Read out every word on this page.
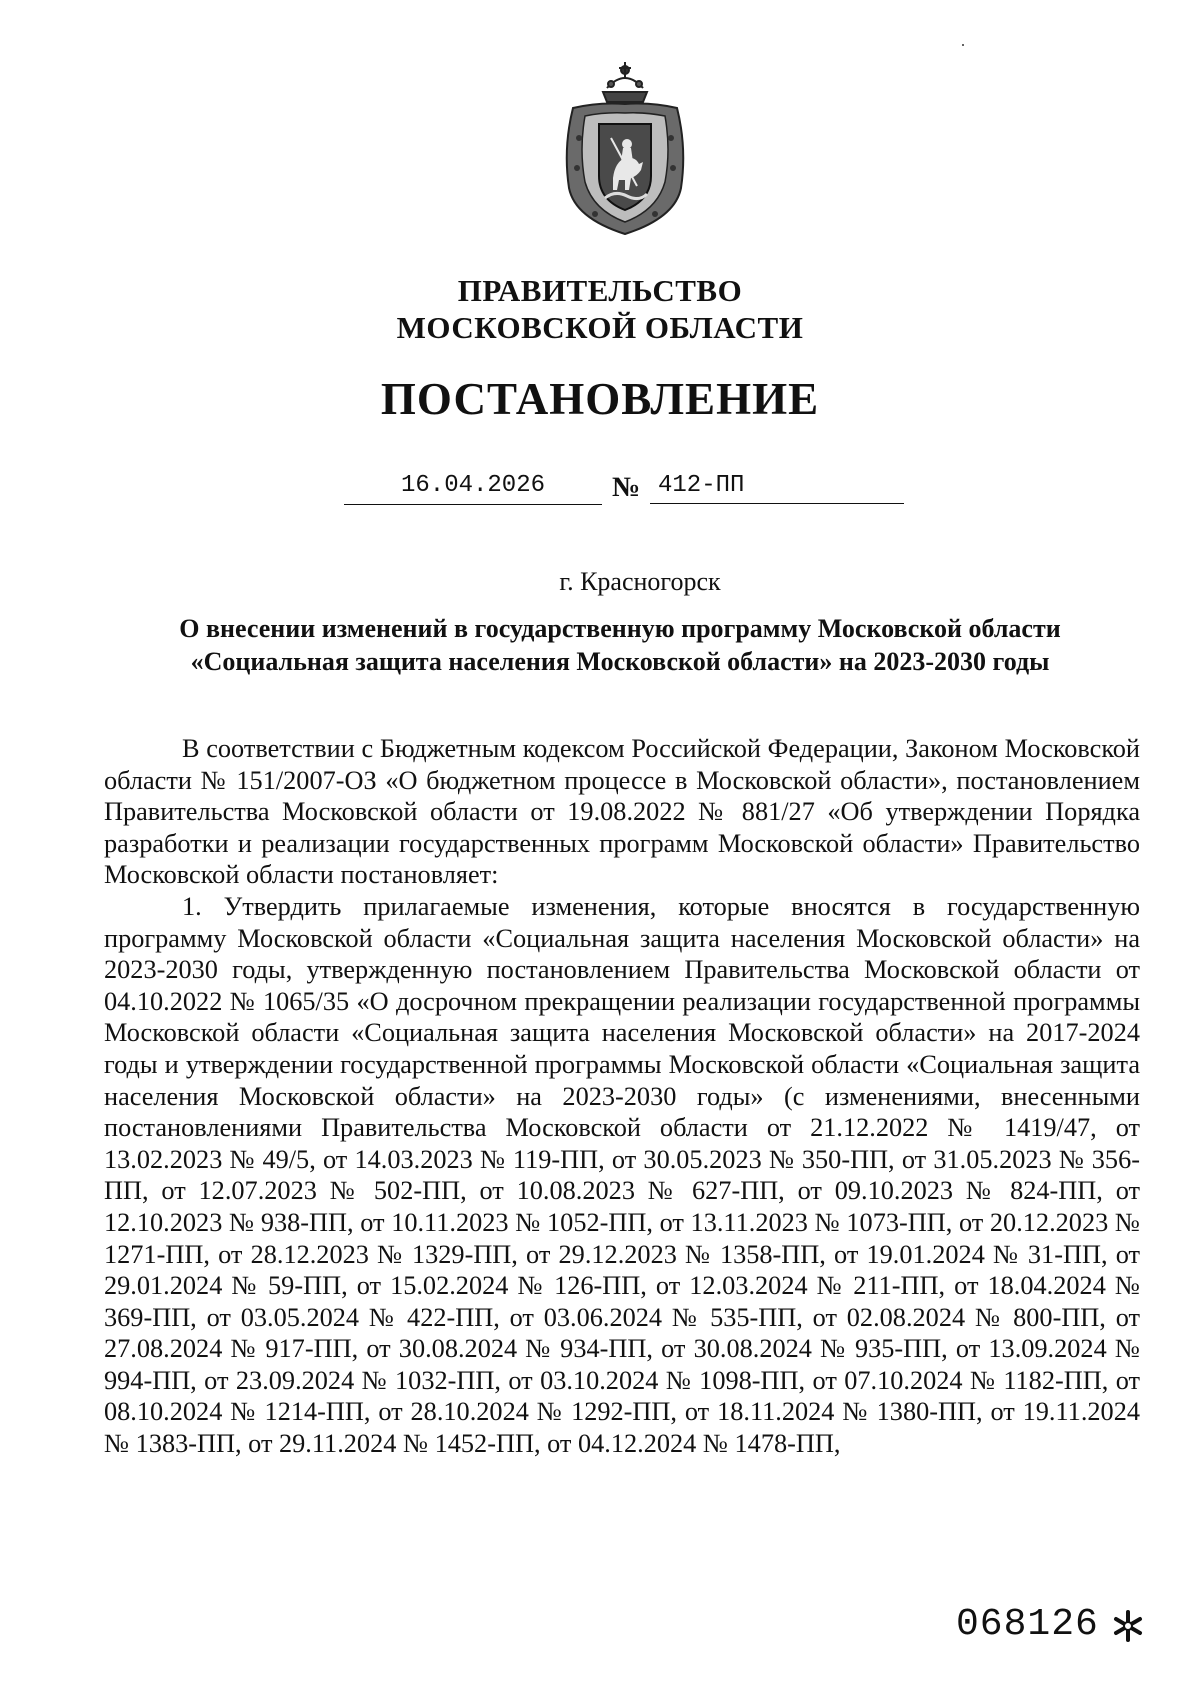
ПРАВИТЕЛЬСТВО
МОСКОВСКОЙ ОБЛАСТИ
ПОСТАНОВЛЕНИЕ
16.04.2026	№ 412-ПП
г. Красногорск
О внесении изменений в государственную программу Московской области
«Социальная защита населения Московской области» на 2023-2030 годы

В соответствии с Бюджетным кодексом Российской Федерации, Законом Московской области № 151/2007-ОЗ «О бюджетном процессе в Московской области», постановлением Правительства Московской области от 19.08.2022 № 881/27 «Об утверждении Порядка разработки и реализации государственных программ Московской области» Правительство Московской области постановляет:

1. Утвердить прилагаемые изменения, которые вносятся в государственную программу Московской области «Социальная защита населения Московской области» на 2023-2030 годы, утвержденную постановлением Правительства Московской области от 04.10.2022 № 1065/35 «О досрочном прекращении реализации государственной программы Московской области «Социальная защита населения Московской области» на 2017-2024 годы и утверждении государственной программы Московской области «Социальная защита населения Московской области» на 2023-2030 годы» (с изменениями, внесенными постановлениями Правительства Московской области от 21.12.2022 № 1419/47, от 13.02.2023 № 49/5, от 14.03.2023 № 119-ПП, от 30.05.2023 № 350-ПП, от 31.05.2023 № 356-ПП, от 12.07.2023 № 502-ПП, от 10.08.2023 № 627-ПП, от 09.10.2023 № 824-ПП, от 12.10.2023 № 938-ПП, от 10.11.2023 № 1052-ПП, от 13.11.2023 № 1073-ПП, от 20.12.2023 № 1271-ПП, от 28.12.2023 № 1329-ПП, от 29.12.2023 № 1358-ПП, от 19.01.2024 № 31-ПП, от 29.01.2024 № 59-ПП, от 15.02.2024 № 126-ПП, от 12.03.2024 № 211-ПП, от 18.04.2024 № 369-ПП, от 03.05.2024 № 422-ПП, от 03.06.2024 № 535-ПП, от 02.08.2024 № 800-ПП, от 27.08.2024 № 917-ПП, от 30.08.2024 № 934-ПП, от 30.08.2024 № 935-ПП, от 13.09.2024 № 994-ПП, от 23.09.2024 № 1032-ПП, от 03.10.2024 № 1098-ПП, от 07.10.2024 № 1182-ПП, от 08.10.2024 № 1214-ПП, от 28.10.2024 № 1292-ПП, от 18.11.2024 № 1380-ПП, от 19.11.2024 № 1383-ПП, от 29.11.2024 № 1452-ПП, от 04.12.2024 № 1478-ПП,

068126
